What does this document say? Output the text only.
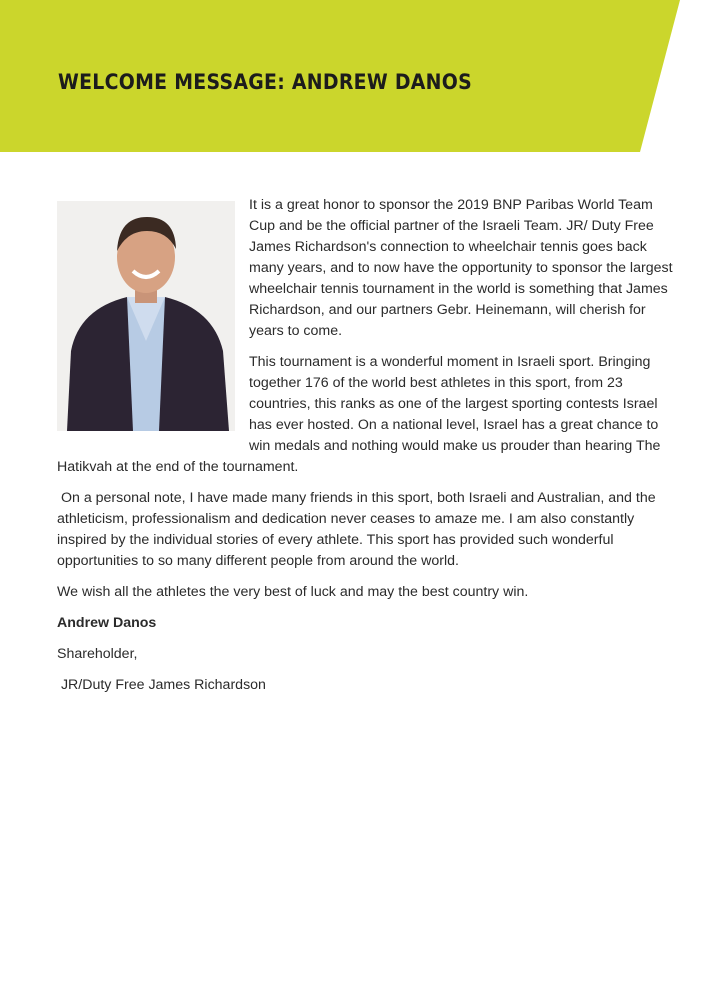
WELCOME MESSAGE: ANDREW DANOS

It is a great honor to sponsor the 2019 BNP Paribas World Team Cup and be the official partner of the Israeli Team. JR/ Duty Free James Richardson's connection to wheelchair tennis goes back many years, and to now have the opportunity to sponsor the largest wheelchair tennis tournament in the world is something that James Richardson, and our partners Gebr. Heinemann, will cherish for years to come.

This tournament is a wonderful moment in Israeli sport. Bringing together 176 of the world best athletes in this sport, from 23 countries, this ranks as one of the largest sporting contests Israel has ever hosted. On a national level, Israel has a great chance to win medals and nothing would make us prouder than hearing The Hatikvah at the end of the tournament.

On a personal note, I have made many friends in this sport, both Israeli and Australian, and the athleticism, professionalism and dedication never ceases to amaze me. I am also constantly inspired by the individual stories of every athlete. This sport has provided such wonderful opportunities to so many different people from around the world.

We wish all the athletes the very best of luck and may the best country win.

Andrew Danos

Shareholder,

JR/Duty Free James Richardson
